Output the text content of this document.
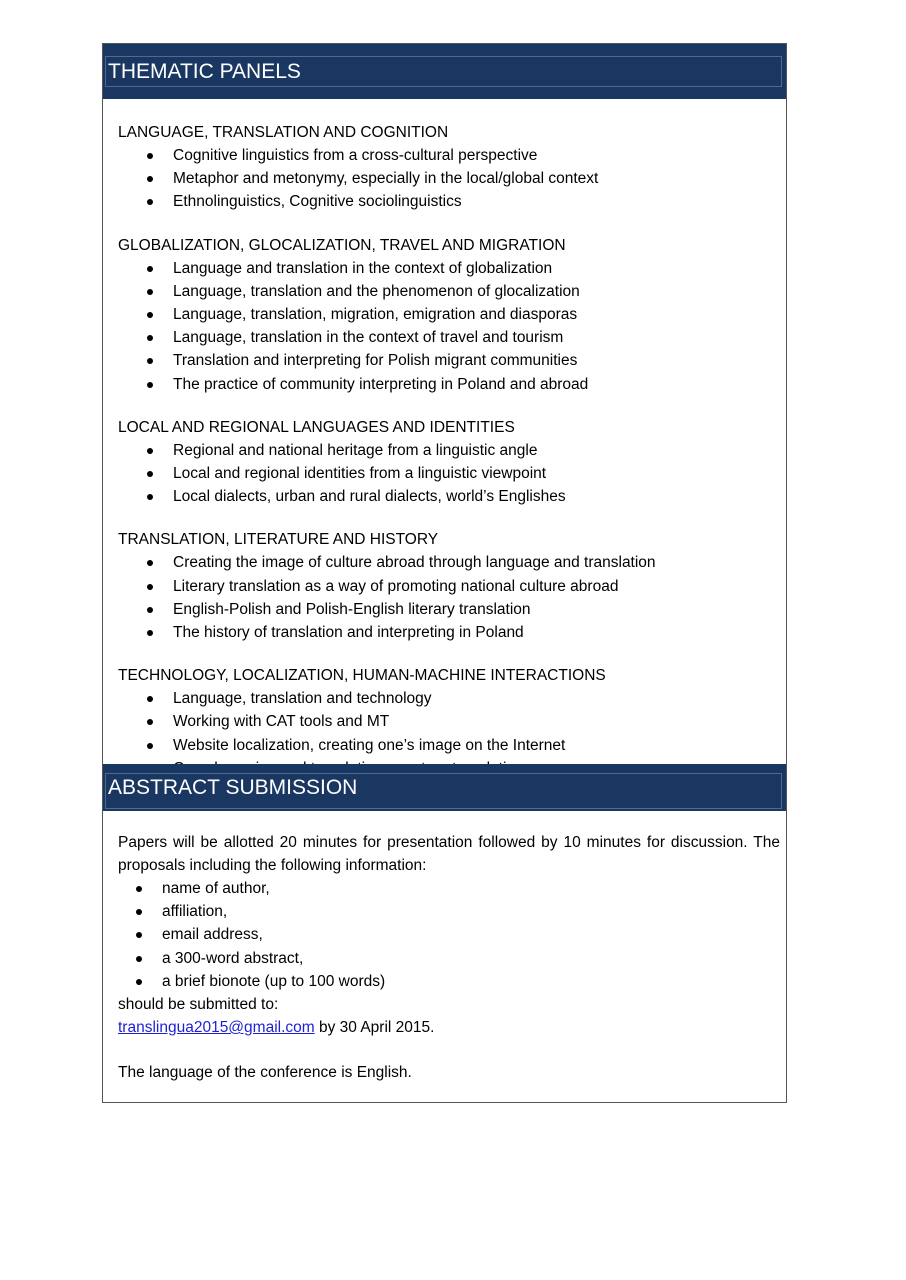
THEMATIC PANELS
LANGUAGE, TRANSLATION AND COGNITION
Cognitive linguistics from a cross-cultural perspective
Metaphor and metonymy, especially in the local/global context
Ethnolinguistics, Cognitive sociolinguistics
GLOBALIZATION, GLOCALIZATION, TRAVEL AND MIGRATION
Language and translation in the context of globalization
Language, translation and the phenomenon of glocalization
Language, translation, migration, emigration and diasporas
Language, translation in the context of travel and tourism
Translation and interpreting for Polish migrant communities
The practice of community interpreting in Poland and abroad
LOCAL AND REGIONAL LANGUAGES AND IDENTITIES
Regional and national heritage from a linguistic angle
Local and regional identities from a linguistic viewpoint
Local dialects, urban and rural dialects, world’s Englishes
TRANSLATION, LITERATURE AND HISTORY
Creating the image of culture abroad through language and translation
Literary translation as a way of promoting national culture abroad
English-Polish and Polish-English literary translation
The history of translation and interpreting in Poland
TECHNOLOGY, LOCALIZATION, HUMAN-MACHINE INTERACTIONS
Language, translation and technology
Working with CAT tools and MT
Website localization, creating one’s image on the Internet
ABSTRACT SUBMISSION
Papers will be allotted 20 minutes for presentation followed by 10 minutes for discussion. The proposals including the following information:
name of author,
affiliation,
email address,
a 300-word abstract,
a brief bionote (up to 100 words)
should be submitted to:
translingua2015@gmail.com by 30 April 2015.
The language of the conference is English.
